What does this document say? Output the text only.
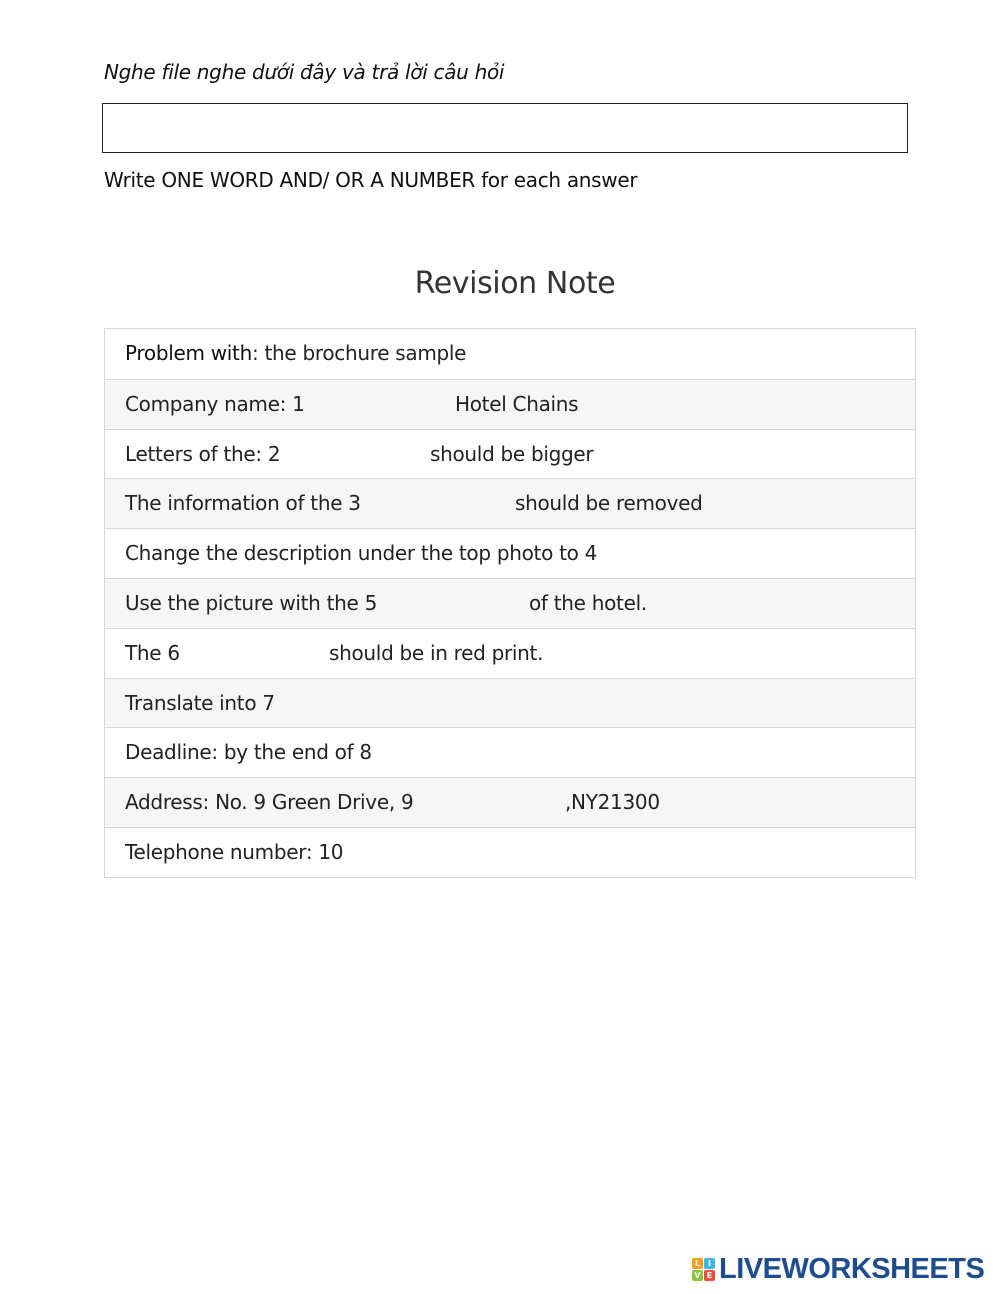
Nghe file nghe dưới đây và trả lời câu hỏi
Write ONE WORD AND/ OR A NUMBER for each answer
Revision Note
Problem with: the brochure sample
Company name: 1	Hotel Chains
Letters of the: 2	should be bigger
The information of the 3	should be removed
Change the description under the top photo to 4
Use the picture with the 5	of the hotel.
The 6	should be in red print.
Translate into 7
Deadline: by the end of 8
Address: No. 9 Green Drive, 9	,NY21300
Telephone number: 10
L I
V E LIVEWORKSHEETS
